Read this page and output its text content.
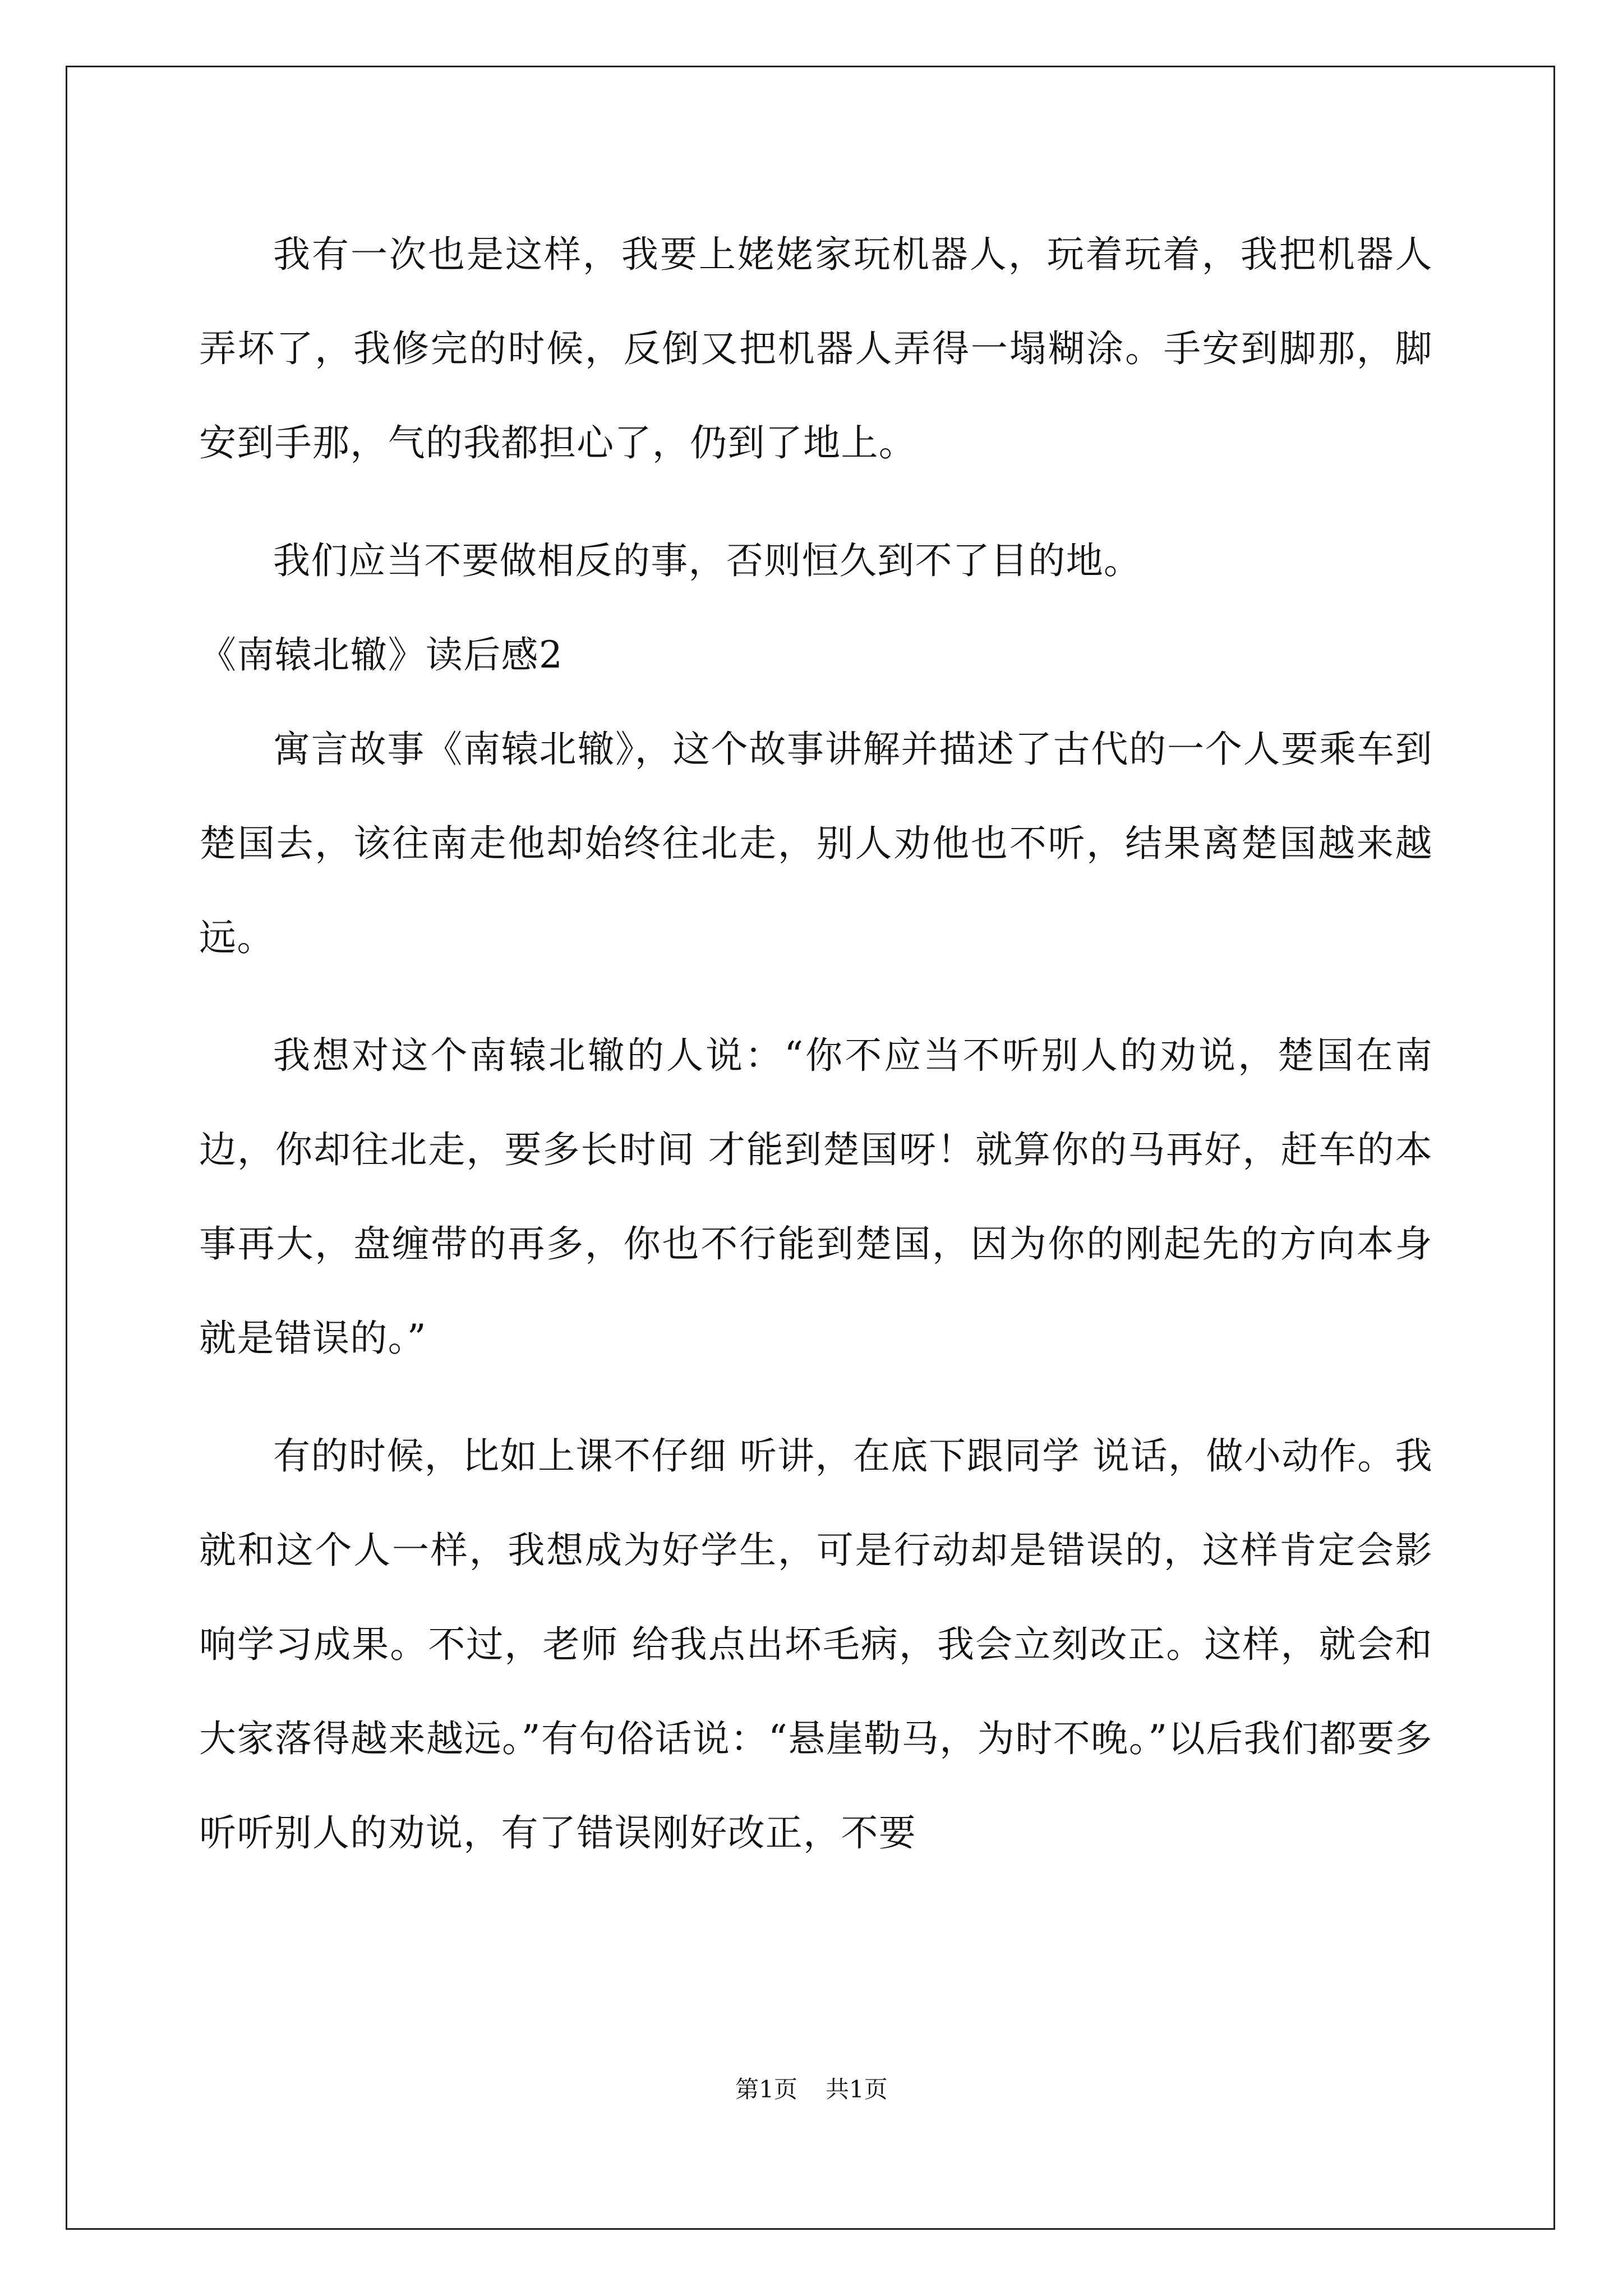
我有一次也是这样，我要上姥姥家玩机器人，玩着玩着，我把机器人弄坏了，我修完的时候，反倒又把机器人弄得一塌糊涂。手安到脚那，脚安到手那，气的我都担心了，仍到了地上。

我们应当不要做相反的事，否则恒久到不了目的地。

《南辕北辙》读后感2

寓言故事《南辕北辙》，这个故事讲解并描述了古代的一个人要乘车到楚国去，该往南走他却始终往北走，别人劝他也不听，结果离楚国越来越远。

我想对这个南辕北辙的人说：“你不应当不听别人的劝说，楚国在南边，你却往北走，要多长时间 才能到楚国呀！就算你的马再好，赶车的本事再大，盘缠带的再多，你也不行能到楚国，因为你的刚起先的方向本身就是错误的。”

有的时候，比如上课不仔细 听讲，在底下跟同学 说话，做小动作。我就和这个人一样，我想成为好学生，可是行动却是错误的，这样肯定会影响学习成果。不过，老师 给我点出坏毛病，我会立刻改正。这样，就会和大家落得越来越远。”有句俗话说：“悬崖勒马，为时不晚。”以后我们都要多听听别人的劝说，有了错误刚好改正，不要

第1页 共1页
